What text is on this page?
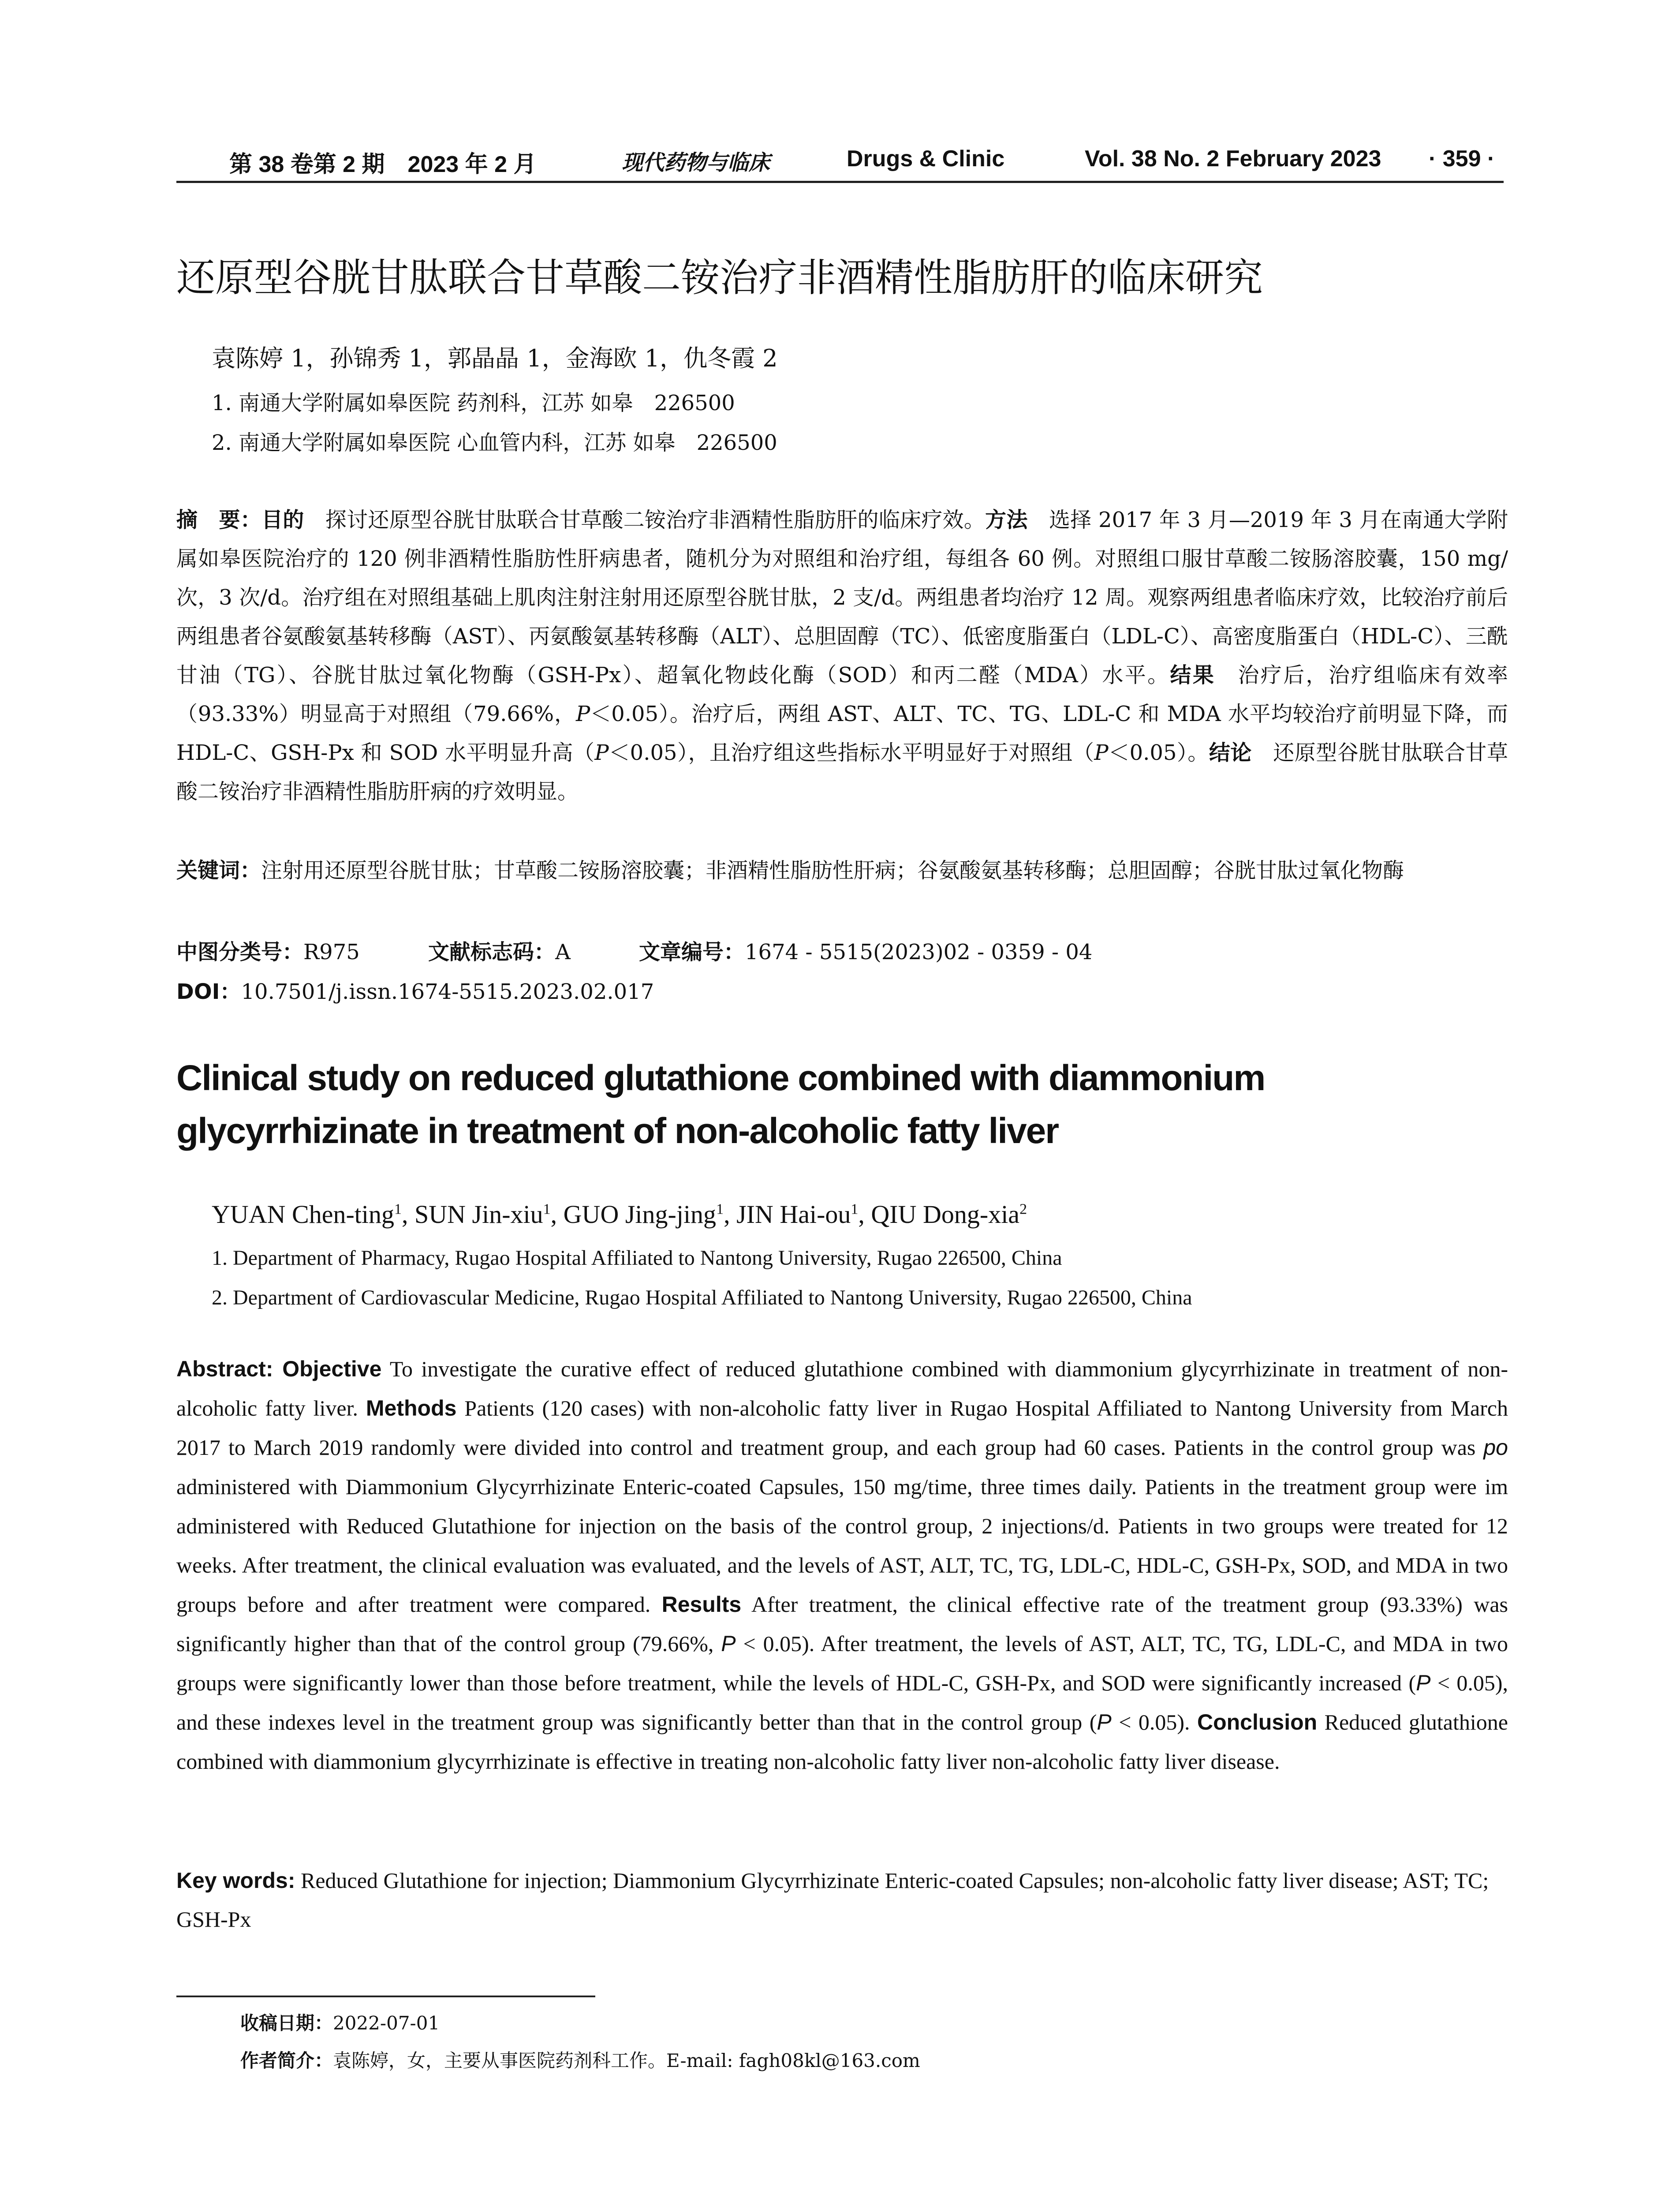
第 38 卷第 2 期　2023 年 2 月	现代药物与临床	Drugs & Clinic	Vol. 38 No. 2 February 2023 · 359 ·
还原型谷胱甘肽联合甘草酸二铵治疗非酒精性脂肪肝的临床研究
袁陈婷 1，孙锦秀 1，郭晶晶 1，金海欧 1，仇冬霞 2
1. 南通大学附属如皋医院 药剂科，江苏 如皋　226500
2. 南通大学附属如皋医院 心血管内科，江苏 如皋　226500
摘　要：目的　探讨还原型谷胱甘肽联合甘草酸二铵治疗非酒精性脂肪肝的临床疗效。方法　选择 2017 年 3 月—2019 年 3 月在南通大学附属如皋医院治疗的 120 例非酒精性脂肪性肝病患者，随机分为对照组和治疗组，每组各 60 例。对照组口服甘草酸二铵肠溶胶囊，150 mg/次，3 次/d。治疗组在对照组基础上肌肉注射注射用还原型谷胱甘肽，2 支/d。两组患者均治疗 12 周。观察两组患者临床疗效，比较治疗前后两组患者谷氨酸氨基转移酶（AST）、丙氨酸氨基转移酶（ALT）、总胆固醇（TC）、低密度脂蛋白（LDL-C）、高密度脂蛋白（HDL-C）、三酰甘油（TG）、谷胱甘肽过氧化物酶（GSH-Px）、超氧化物歧化酶（SOD）和丙二醛（MDA）水平。结果　治疗后，治疗组临床有效率（93.33%）明显高于对照组（79.66%，P＜0.05）。治疗后，两组 AST、ALT、TC、TG、LDL-C 和 MDA 水平均较治疗前明显下降，而 HDL-C、GSH-Px 和 SOD 水平明显升高（P＜0.05），且治疗组这些指标水平明显好于对照组（P＜0.05）。结论　还原型谷胱甘肽联合甘草酸二铵治疗非酒精性脂肪肝病的疗效明显。
关键词：注射用还原型谷胱甘肽；甘草酸二铵肠溶胶囊；非酒精性脂肪性肝病；谷氨酸氨基转移酶；总胆固醇；谷胱甘肽过氧化物酶
中图分类号：R975	文献标志码：A	文章编号：1674 - 5515(2023)02 - 0359 - 04
DOI：10.7501/j.issn.1674-5515.2023.02.017
Clinical study on reduced glutathione combined with diammonium glycyrrhizinate in treatment of non-alcoholic fatty liver
YUAN Chen-ting$^1$, SUN Jin-xiu$^1$, GUO Jing-jing$^1$, JIN Hai-$ou^1$, QIU Dong-xia$^2$
1. Department of Pharmacy, Rugao Hospital Affiliated to Nantong University, Rugao 226500, China
2. Department of Cardiovascular Medicine, Rugao Hospital Affiliated to Nantong University, Rugao 226500, China
Abstract: Objective To investigate the curative effect of reduced glutathione combined with diammonium glycyrrhizinate in treatment of non-alcoholic fatty liver. Methods Patients (120 cases) with non-alcoholic fatty liver in Rugao Hospital Affiliated to Nantong University from March 2017 to March 2019 randomly were divided into control and treatment group, and each group had 60 cases. Patients in the control group was po administered with Diammonium Glycyrrhizinate Enteric-coated Capsules, 150 mg/time, three times daily. Patients in the treatment group were im administered with Reduced Glutathione for injection on the basis of the control group, 2 injections/d. Patients in two groups were treated for 12 weeks. After treatment, the clinical evaluation was evaluated, and the levels of AST, ALT, TC, TG, LDL-C, HDL-C, GSH-Px, SOD, and MDA in two groups before and after treatment were compared. Results After treatment, the clinical effective rate of the treatment group (93.33%) was significantly higher than that of the control group (79.66%, P < 0.05). After treatment, the levels of AST, ALT, TC, TG, LDL-C, and MDA in two groups were significantly lower than those before treatment, while the levels of HDL-C, GSH-Px, and SOD were significantly increased (P < 0.05), and these indexes level in the treatment group was significantly better than that in the control group (P < 0.05). Conclusion Reduced glutathione combined with diammonium glycyrrhizinate is effective in treating non-alcoholic fatty liver non-alcoholic fatty liver disease.
Key words: Reduced Glutathione for injection; Diammonium Glycyrrhizinate Enteric-coated Capsules; non-alcoholic fatty liver disease; AST; TC; GSH-Px
收稿日期：2022-07-01
作者简介：袁陈婷，女，主要从事医院药剂科工作。E-mail: fagh08kl@163.com
